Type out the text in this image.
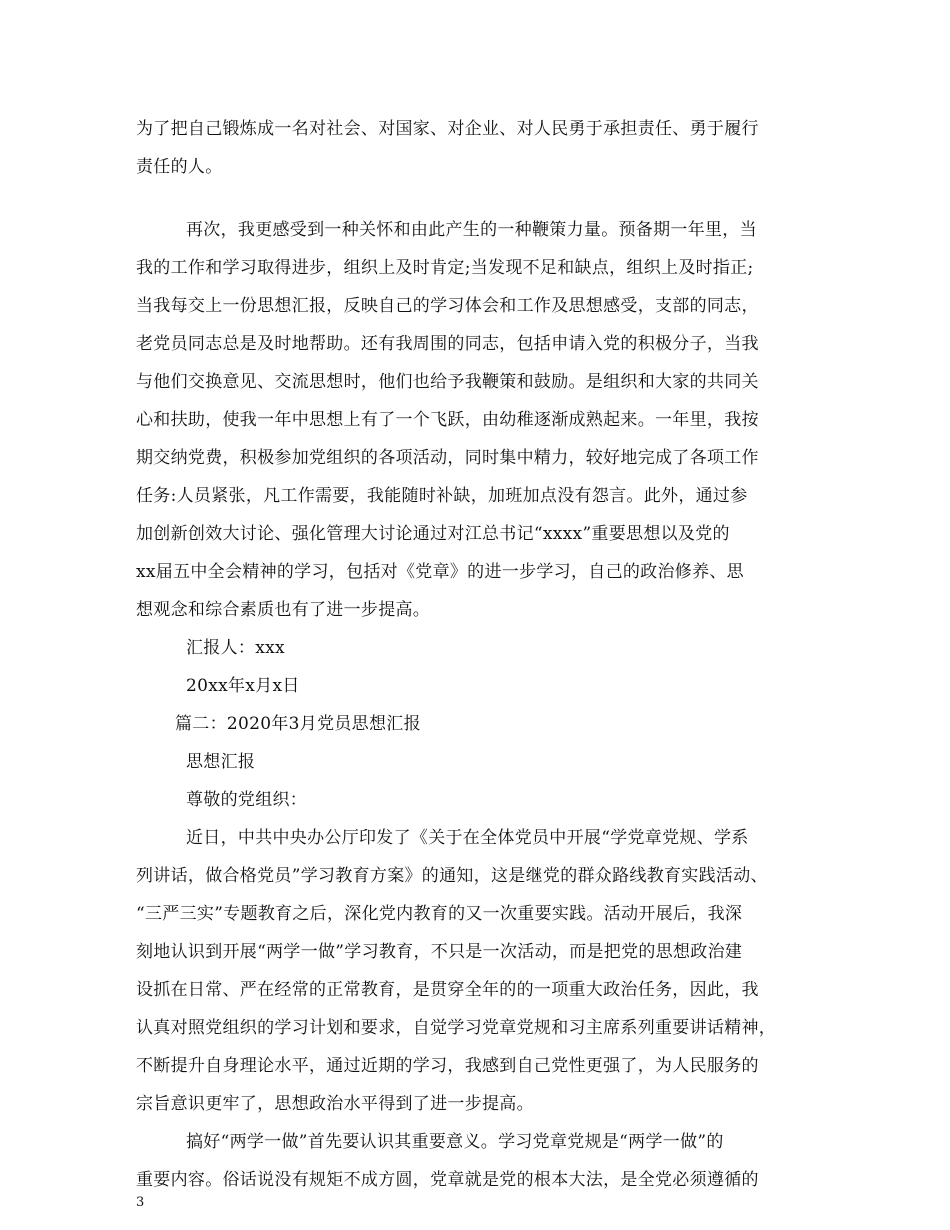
为了把自己锻炼成一名对社会、对国家、对企业、对人民勇于承担责任、勇于履行
责任的人。
再次，我更感受到一种关怀和由此产生的一种鞭策力量。预备期一年里，当
我的工作和学习取得进步，组织上及时肯定;当发现不足和缺点，组织上及时指正;
当我每交上一份思想汇报，反映自己的学习体会和工作及思想感受，支部的同志，
老党员同志总是及时地帮助。还有我周围的同志，包括申请入党的积极分子，当我
与他们交换意见、交流思想时，他们也给予我鞭策和鼓励。是组织和大家的共同关
心和扶助，使我一年中思想上有了一个飞跃，由幼稚逐渐成熟起来。一年里，我按
期交纳党费，积极参加党组织的各项活动，同时集中精力，较好地完成了各项工作
任务:人员紧张，凡工作需要，我能随时补缺，加班加点没有怨言。此外，通过参
加创新创效大讨论、强化管理大讨论通过对江总书记“xxxx”重要思想以及党的
xx届五中全会精神的学习，包括对《党章》的进一步学习，自己的政治修养、思
想观念和综合素质也有了进一步提高。
汇报人：xxx
20xx年x月x日
篇二：2020年3月党员思想汇报
思想汇报
尊敬的党组织：
近日，中共中央办公厅印发了《关于在全体党员中开展“学党章党规、学系
列讲话，做合格党员”学习教育方案》的通知，这是继党的群众路线教育实践活动、
“三严三实”专题教育之后，深化党内教育的又一次重要实践。活动开展后，我深
刻地认识到开展“两学一做”学习教育，不只是一次活动，而是把党的思想政治建
设抓在日常、严在经常的正常教育，是贯穿全年的的一项重大政治任务，因此，我
认真对照党组织的学习计划和要求，自觉学习党章党规和习主席系列重要讲话精神，
不断提升自身理论水平，通过近期的学习，我感到自己党性更强了，为人民服务的
宗旨意识更牢了，思想政治水平得到了进一步提高。
搞好“两学一做”首先要认识其重要意义。学习党章党规是“两学一做”的
重要内容。俗话说没有规矩不成方圆，党章就是党的根本大法，是全党必须遵循的
3
